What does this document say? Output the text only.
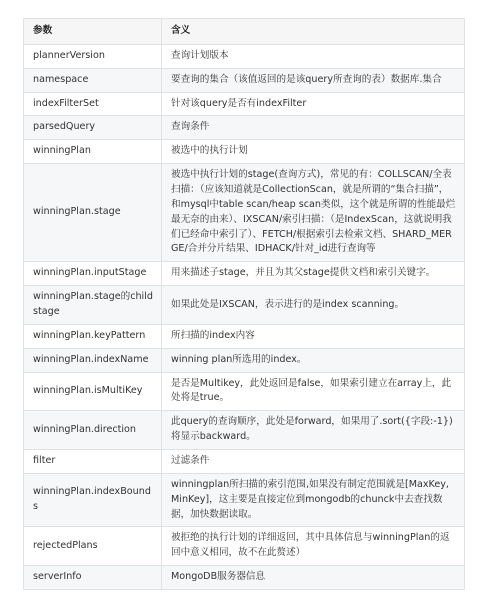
参数	含义
plannerVersion	查询计划版本
namespace	要查询的集合（该值返回的是该query所查询的表）数据库.集合
indexFilterSet	针对该query是否有indexFilter
parsedQuery	查询条件
winningPlan	被选中的执行计划
winningPlan.stage	被选中执行计划的stage(查询方式)，常见的有：COLLSCAN/全表扫描：（应该知道就是CollectionScan，就是所谓的“集合扫描”，和mysql中table scan/heap scan类似，这个就是所谓的性能最烂最无奈的由来）、IXSCAN/索引扫描：（是IndexScan，这就说明我们已经命中索引了）、FETCH/根据索引去检索文档、SHARD_MERGE/合并分片结果、IDHACK/针对_id进行查询等
winningPlan.inputStage	用来描述子stage，并且为其父stage提供文档和索引关键字。
winningPlan.stage的child stage	如果此处是IXSCAN，表示进行的是index scanning。
winningPlan.keyPattern	所扫描的index内容
winningPlan.indexName	winning plan所选用的index。
winningPlan.isMultiKey	是否是Multikey，此处返回是false，如果索引建立在array上，此处将是true。
winningPlan.direction	此query的查询顺序，此处是forward，如果用了.sort({字段:-1})将显示backward。
filter	过滤条件
winningPlan.indexBounds	winningplan所扫描的索引范围,如果没有制定范围就是[MaxKey, MinKey]，这主要是直接定位到mongodb的chunck中去查找数据，加快数据读取。
rejectedPlans	被拒绝的执行计划的详细返回，其中具体信息与winningPlan的返回中意义相同，故不在此赘述）
serverInfo	MongoDB服务器信息
